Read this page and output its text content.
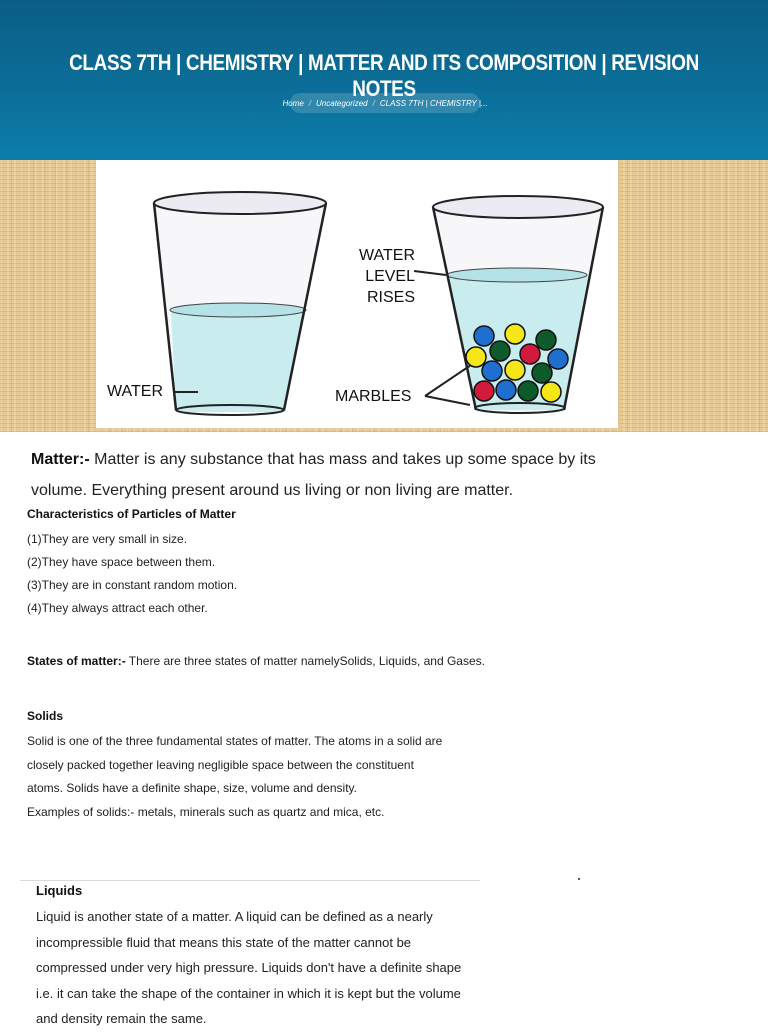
CLASS 7TH | CHEMISTRY | MATTER AND ITS COMPOSITION | REVISION NOTES
Home / Uncategorized / CLASS 7TH | CHEMISTRY |...
WATER
WATER
LEVEL
RISES
MARBLES
Matter:- Matter is any substance that has mass and takes up some space by its volume. Everything present around us living or non living are matter.
Characteristics of Particles of Matter
(1)They are very small in size.
(2)They have space between them.
(3)They are in constant random motion.
(4)They always attract each other.
States of matter:- There are three states of matter namelySolids, Liquids, and Gases.
Solids

Solid is one of the three fundamental states of matter. The atoms in a solid are closely packed together leaving negligible space between the constituent atoms. Solids have a definite shape, size, volume and density.

Examples of solids:- metals, minerals such as quartz and mica, etc.

Liquids
Liquid is another state of a matter. A liquid can be defined as a nearly incompressible fluid that means this state of the matter cannot be compressed under very high pressure. Liquids don't have a definite shape i.e. it can take the shape of the container in which it is kept but the volume and density remain the same.
